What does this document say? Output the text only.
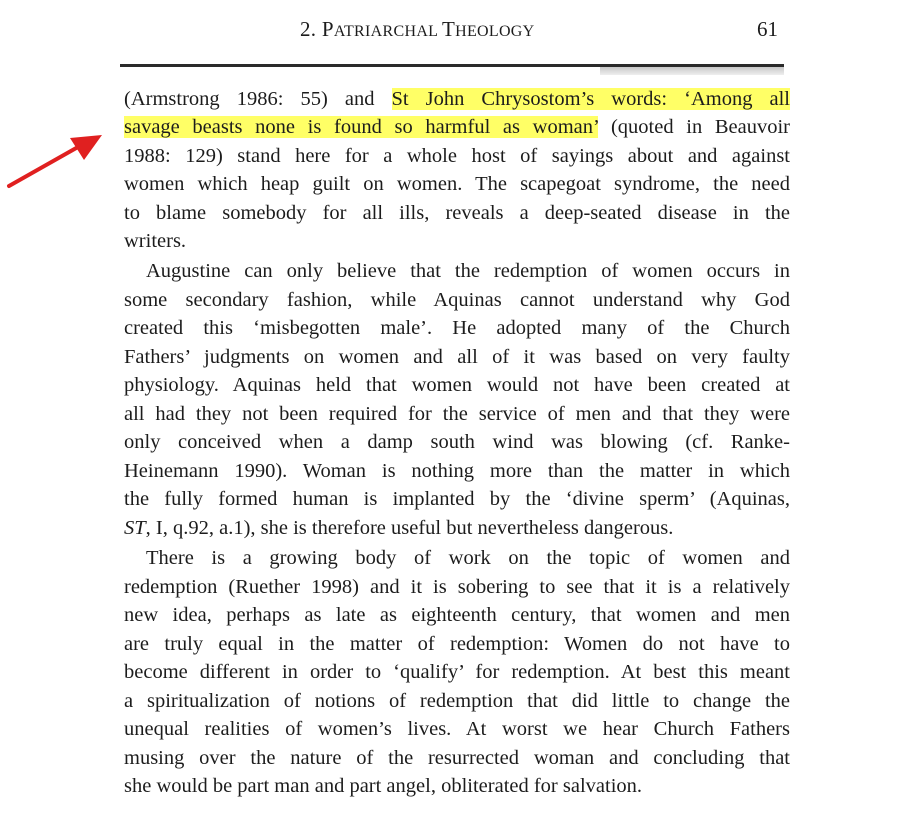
2. PATRIARCHAL THEOLOGY	61
(Armstrong 1986: 55) and St John Chrysostom’s words: ‘Among all
savage beasts none is found so harmful as woman’ (quoted in Beauvoir
1988: 129) stand here for a whole host of sayings about and against
women which heap guilt on women. The scapegoat syndrome, the need
to blame somebody for all ills, reveals a deep-seated disease in the
writers.
Augustine can only believe that the redemption of women occurs in
some secondary fashion, while Aquinas cannot understand why God
created this ‘misbegotten male’. He adopted many of the Church
Fathers’ judgments on women and all of it was based on very faulty
physiology. Aquinas held that women would not have been created at
all had they not been required for the service of men and that they were
only conceived when a damp south wind was blowing (cf. Ranke-
Heinemann 1990). Woman is nothing more than the matter in which
the fully formed human is implanted by the ‘divine sperm’ (Aquinas,
ST, I, q.92, a.1), she is therefore useful but nevertheless dangerous.
There is a growing body of work on the topic of women and
redemption (Ruether 1998) and it is sobering to see that it is a relatively
new idea, perhaps as late as eighteenth century, that women and men
are truly equal in the matter of redemption: Women do not have to
become different in order to ‘qualify’ for redemption. At best this meant
a spiritualization of notions of redemption that did little to change the
unequal realities of women’s lives. At worst we hear Church Fathers
musing over the nature of the resurrected woman and concluding that
she would be part man and part angel, obliterated for salvation.
